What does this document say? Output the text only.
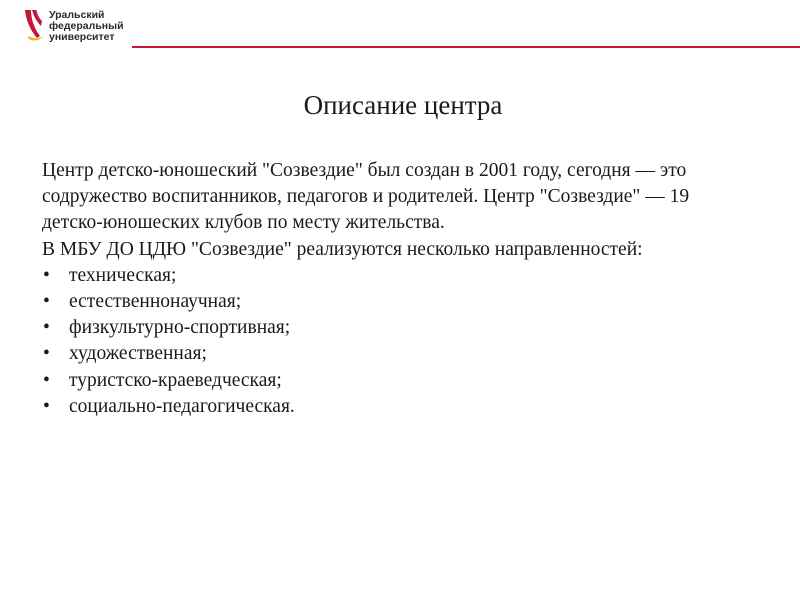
Уральский
федеральный
университет
Описание центра

Центр детско-юношеский "Созвездие" был создан в 2001 году, сегодня — это содружество воспитанников, педагогов и родителей. Центр "Созвездие" — 19 детско-юношеских клубов по месту жительства.

В МБУ ДО ЦДЮ "Созвездие" реализуются несколько направленностей:

• техническая;
• естественнонаучная;
• физкультурно-спортивная;
• художественная;
• туристско-краеведческая;
• социально-педагогическая.
